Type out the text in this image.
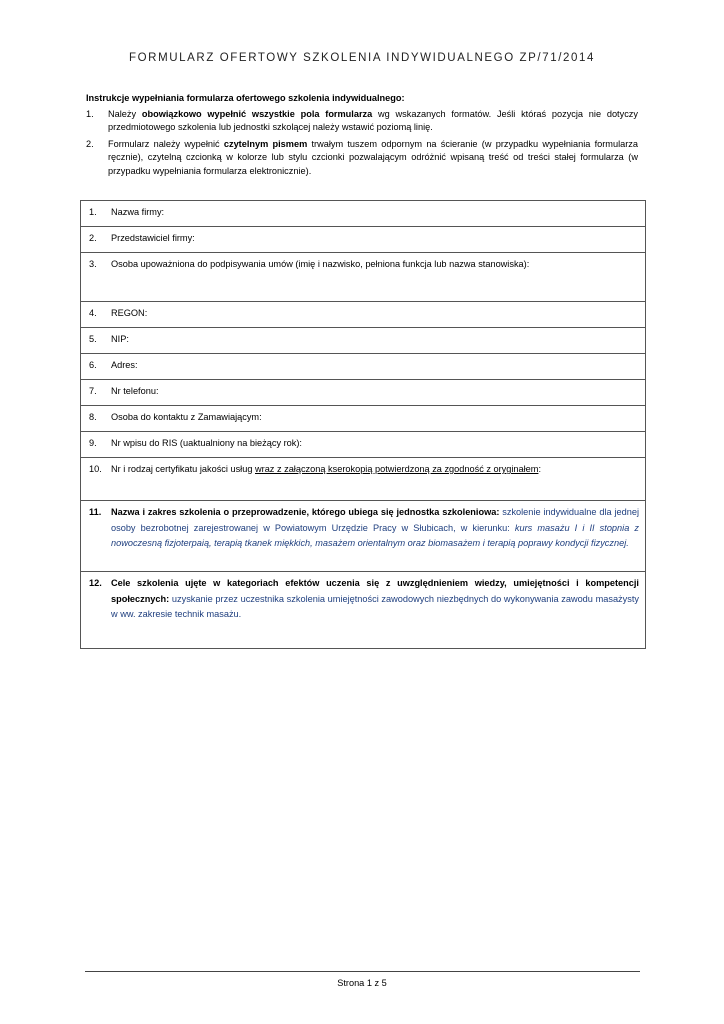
FORMULARZ OFERTOWY SZKOLENIA INDYWIDUALNEGO ZP/71/2014
Instrukcje wypełniania formularza ofertowego szkolenia indywidualnego:
1.	Należy obowiązkowo wypełnić wszystkie pola formularza wg wskazanych formatów. Jeśli któraś pozycja nie dotyczy przedmiotowego szkolenia lub jednostki szkolącej należy wstawić poziomą linię.
2.	Formularz należy wypełnić czytelnym pismem trwałym tuszem odpornym na ścieranie (w przypadku wypełniania formularza ręcznie), czytelną czcionką w kolorze lub stylu czcionki pozwalającym odróżnić wpisaną treść od treści stałej formularza (w przypadku wypełniania formularza elektronicznie).
1. Nazwa firmy:
2. Przedstawiciel firmy:
3. Osoba upoważniona do podpisywania umów (imię i nazwisko, pełniona funkcja lub nazwa stanowiska):
4. REGON:
5. NIP:
6. Adres:
7. Nr telefonu:
8. Osoba do kontaktu z Zamawiającym:
9. Nr wpisu do RIS (uaktualniony na bieżący rok):
10. Nr i rodzaj certyfikatu jakości usług wraz z załączoną kserokopią potwierdzoną za zgodność z oryginałem:

11.	Nazwa i zakres szkolenia o przeprowadzenie, którego ubiega się jednostka szkoleniowa: szkolenie indywidualne dla jednej osoby bezrobotnej zarejestrowanej w Powiatowym Urzędzie Pracy w Słubicach, w kierunku: kurs masażu I i II stopnia z nowoczesną fizjoterpaią, terapią tkanek miękkich, masażem orientalnym oraz biomasażem i terapią poprawy kondycji fizycznej.

12.	Cele szkolenia ujęte w kategoriach efektów uczenia się z uwzględnieniem wiedzy, umiejętności i kompetencji społecznych: uzyskanie przez uczestnika szkolenia umiejętności zawodowych niezbędnych do wykonywania zawodu masażysty w ww. zakresie technik masażu.
Strona 1 z 5
